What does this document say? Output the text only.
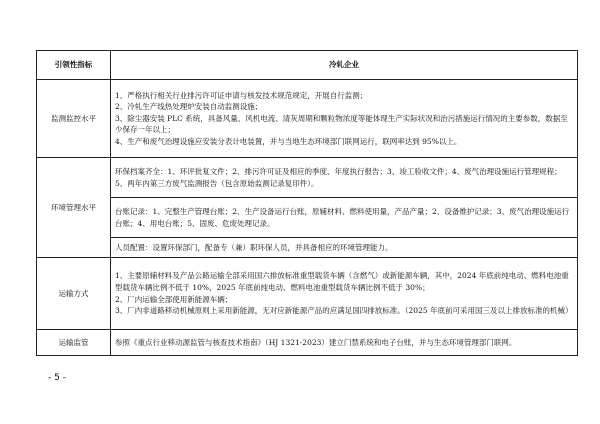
引领性指标	冷轧企业
监测监控水平	1、严格执行相关行业排污许可证申请与核发技术规范规定，开展自行监测；
2、冷轧生产线热处理炉安装自动监测设施；
3、除尘器安装 PLC 系统，具备风量、风机电流、清灰周期和颗粒物浓度等能体现生产实际状况和治污措施运行情况的主要参数，数据至少保存一年以上；
4、生产和废气治理设施应安装分表计电装置，并与当地生态环境部门联网运行，联网率达到 95%以上。

环境管理水平	环保档案齐全：1、环评批复文件；2、排污许可证及相应的季度、年度执行报告；3、竣工验收文件；4、废气治理设施运行管理规程；5、两年内第三方废气监测报告（包含原始监测记录复印件）。

	台账记录：1、完整生产管理台账；2、生产设备运行台账，原辅材料、燃料使用量，产品产量；2、设备维护记录；3、废气治理设施运行台账；4、用电台账；5、固废、危废处理记录。

	人员配置：设置环保部门，配备专（兼）职环保人员，并具备相应的环境管理能力。

运输方式	1、主要原辅材料及产品公路运输全部采用国六排放标准重型载货车辆（含燃气）或新能源车辆，其中，2024 年底前纯电动、燃料电池重型载货车辆比例不低于 10%，2025 年底前纯电动、燃料电池重型载货车辆比例不低于 30%；
2、厂内运输全部使用新能源车辆；
3、厂内非道路移动机械原则上采用新能源，无对应新能源产品的应满足国四排放标准。（2025 年底前可采用国三及以上排放标准的机械）

运输监管	参照《重点行业移动源监管与核查技术指南》（HJ 1321-2023）建立门禁系统和电子台账，并与生态环境管理部门联网。
- 5 -
